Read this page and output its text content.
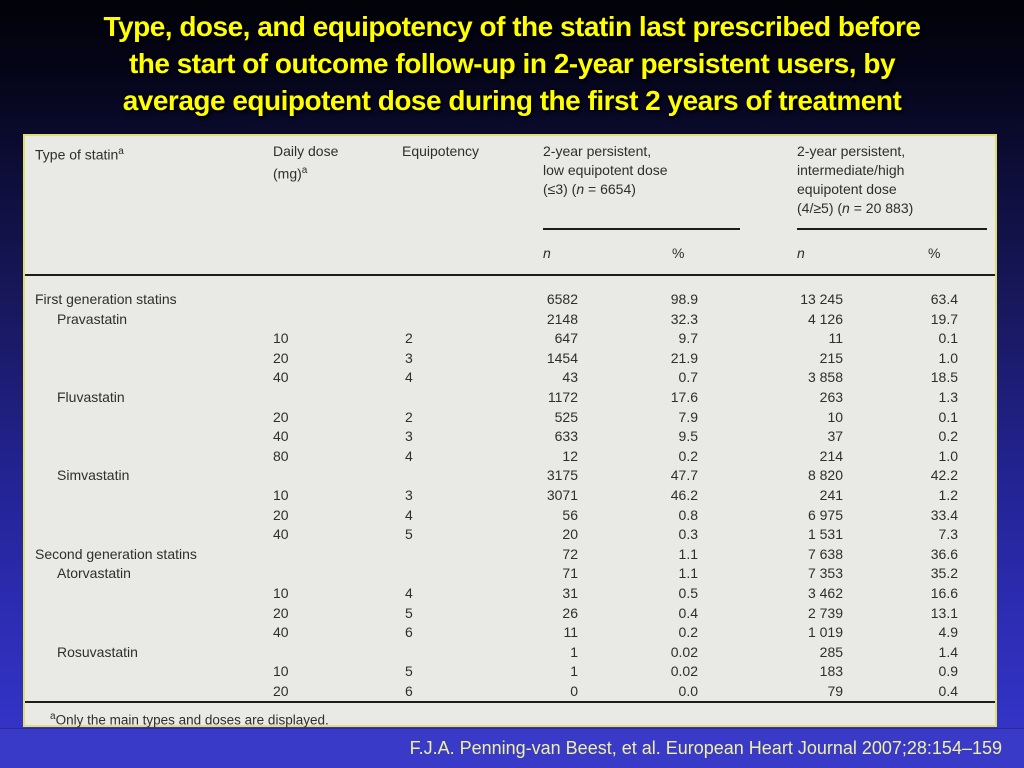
Type, dose, and equipotency of the statin last prescribed before
the start of outcome follow-up in 2-year persistent users, by
average equipotent dose during the first 2 years of treatment
Type of statin$^a$	Daily dose
(mg)$^a$	Equipotency	2-year persistent,
low equipotent dose
(≤3) (n = 6654)			2-year persistent,
intermediate/high
equipotent dose
(4/≥5) (n = 20 883)		

			n	%		n	%	

First generation statins			6582	98.9		13 245	63.4	
Pravastatin			2148	32.3		4 126	19.7	
	10	2	647	9.7		11	0.1	
	20	3	1454	21.9		215	1.0	
	40	4	43	0.7		3 858	18.5	
Fluvastatin			1172	17.6		263	1.3	
	20	2	525	7.9		10	0.1	
	40	3	633	9.5		37	0.2	
	80	4	12	0.2		214	1.0	
Simvastatin			3175	47.7		8 820	42.2	
	10	3	3071	46.2		241	1.2	
	20	4	56	0.8		6 975	33.4	
	40	5	20	0.3		1 531	7.3	
Second generation statins			72	1.1		7 638	36.6	
Atorvastatin			71	1.1		7 353	35.2	
	10	4	31	0.5		3 462	16.6	
	20	5	26	0.4		2 739	13.1	
	40	6	11	0.2		1 019	4.9	
Rosuvastatin			1	0.02		285	1.4	
	10	5	1	0.02		183	0.9	
	20	6	0	0.0		79	0.4	
$^a$Only the main types and doses are displayed.
F.J.A. Penning-van Beest, et al. European Heart Journal 2007;28:154–159
